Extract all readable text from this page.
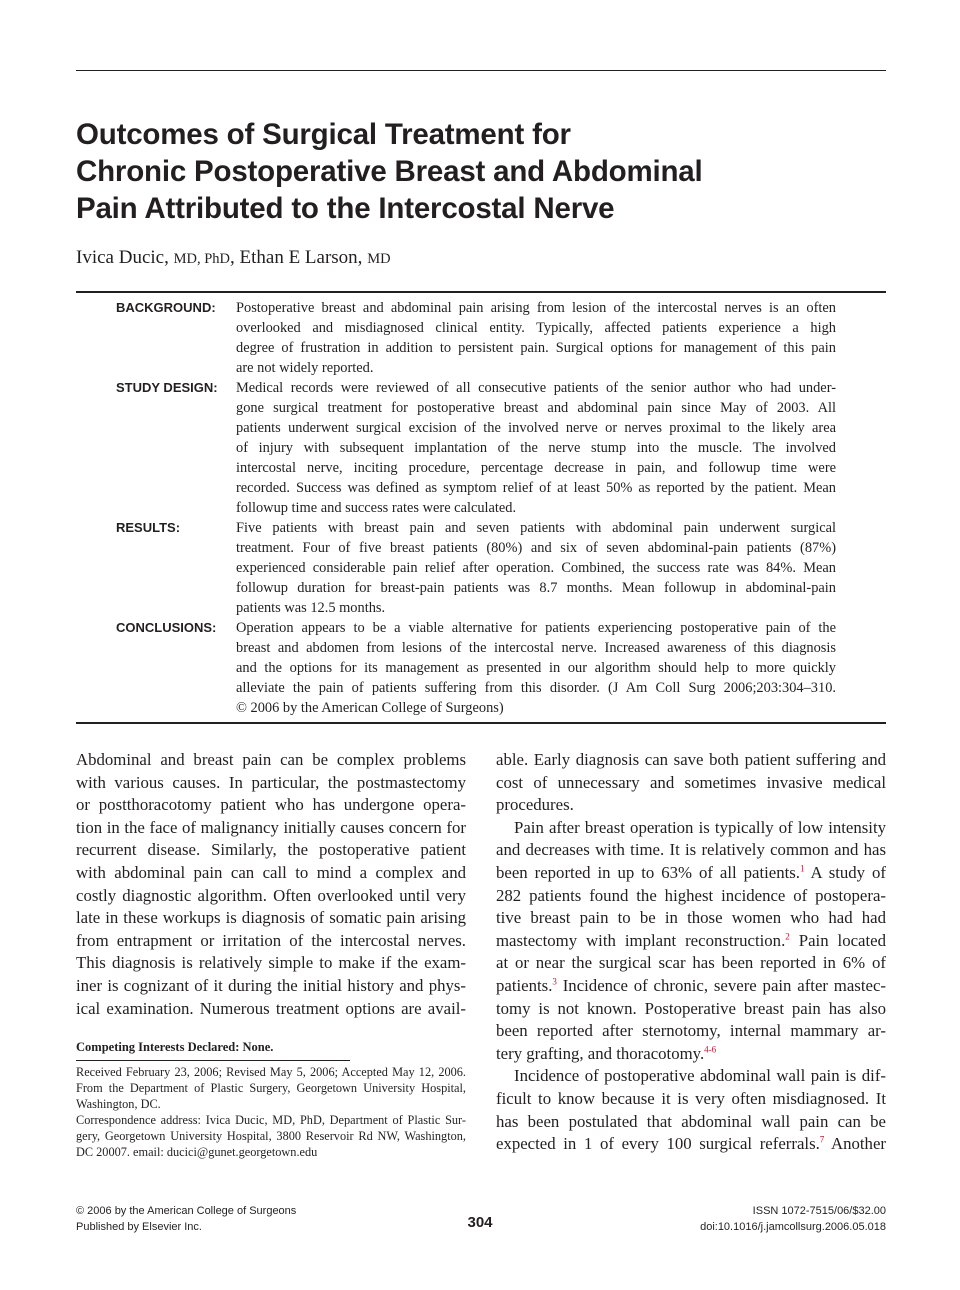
Outcomes of Surgical Treatment for
Chronic Postoperative Breast and Abdominal
Pain Attributed to the Intercostal Nerve
Ivica Ducic, MD, PhD, Ethan E Larson, MD
BACKGROUND: Postoperative breast and abdominal pain arising from lesion of the intercostal nerves is an often
overlooked and misdiagnosed clinical entity. Typically, affected patients experience a high
degree of frustration in addition to persistent pain. Surgical options for management of this pain
are not widely reported.
STUDY DESIGN: Medical records were reviewed of all consecutive patients of the senior author who had under-
gone surgical treatment for postoperative breast and abdominal pain since May of 2003. All
patients underwent surgical excision of the involved nerve or nerves proximal to the likely area
of injury with subsequent implantation of the nerve stump into the muscle. The involved
intercostal nerve, inciting procedure, percentage decrease in pain, and followup time were
recorded. Success was defined as symptom relief of at least 50% as reported by the patient. Mean
followup time and success rates were calculated.
RESULTS:	Five patients with breast pain and seven patients with abdominal pain underwent surgical
treatment. Four of five breast patients (80%) and six of seven abdominal-pain patients (87%)
experienced considerable pain relief after operation. Combined, the success rate was 84%. Mean
followup duration for breast-pain patients was 8.7 months. Mean followup in abdominal-pain
patients was 12.5 months.
CONCLUSIONS: Operation appears to be a viable alternative for patients experiencing postoperative pain of the
breast and abdomen from lesions of the intercostal nerve. Increased awareness of this diagnosis
and the options for its management as presented in our algorithm should help to more quickly
alleviate the pain of patients suffering from this disorder. (J Am Coll Surg 2006;203:304–310.
© 2006 by the American College of Surgeons)
Abdominal and breast pain can be complex problems
with various causes. In particular, the postmastectomy
or postthoracotomy patient who has undergone opera-
tion in the face of malignancy initially causes concern for
recurrent disease. Similarly, the postoperative patient
with abdominal pain can call to mind a complex and
costly diagnostic algorithm. Often overlooked until very
late in these workups is diagnosis of somatic pain arising
from entrapment or irritation of the intercostal nerves.
This diagnosis is relatively simple to make if the exam-
iner is cognizant of it during the initial history and phys-
ical examination. Numerous treatment options are avail-
able. Early diagnosis can save both patient suffering and
cost of unnecessary and sometimes invasive medical
procedures.
Pain after breast operation is typically of low intensity
and decreases with time. It is relatively common and has
been reported in up to 63% of all patients.$^1$ A study of
282 patients found the highest incidence of postopera-
tive breast pain to be in those women who had had
mastectomy with implant reconstruction.$^2$ Pain located
at or near the surgical scar has been reported in 6% of
patients.$^3$ Incidence of chronic, severe pain after mastec-
tomy is not known. Postoperative breast pain has also
been reported after sternotomy, internal mammary ar-
tery grafting, and thoracotomy.$^{4-6}$
Incidence of postoperative abdominal wall pain is dif-
ficult to know because it is very often misdiagnosed. It
has been postulated that abdominal wall pain can be
expected in 1 of every 100 surgical referrals.$^7$ Another
Competing Interests Declared: None.
Received February 23, 2006; Revised May 5, 2006; Accepted May 12, 2006.
From the Department of Plastic Surgery, Georgetown University Hospital,
Washington, DC.
Correspondence address: Ivica Ducic, MD, PhD, Department of Plastic Sur-
gery, Georgetown University Hospital, 3800 Reservoir Rd NW, Washington,
DC 20007. email: ducici@gunet.georgetown.edu
© 2006 by the American College of Surgeons
Published by Elsevier Inc.	304
ISSN 1072-7515/06/$32.00
doi:10.1016/j.jamcollsurg.2006.05.018
